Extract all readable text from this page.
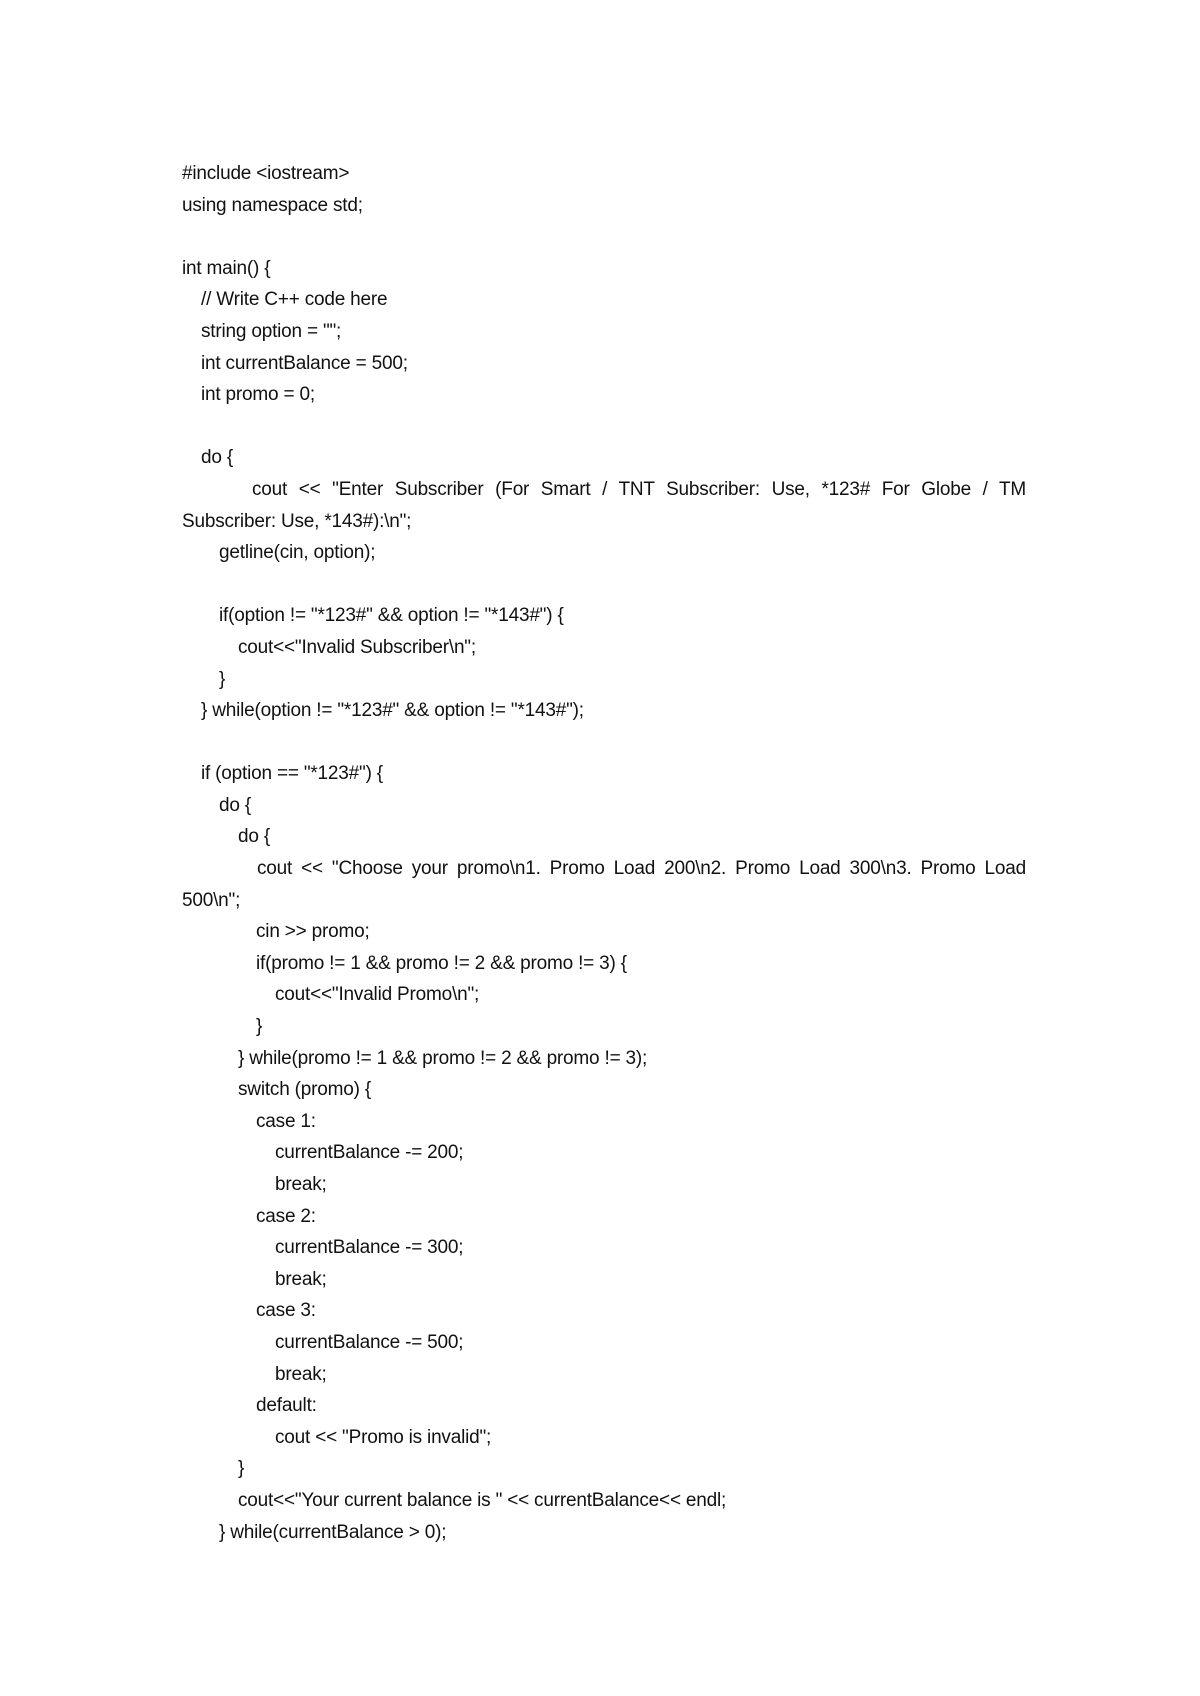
#include <iostream>
using namespace std;
int main() {
// Write C++ code here
string option = "";
int currentBalance = 500;
int promo = 0;
do {
cout << "Enter Subscriber (For Smart / TNT Subscriber: Use, *123# For Globe / TM
Subscriber: Use, *143#):\n";
getline(cin, option);
if(option != "*123#" && option != "*143#") {
cout<<"Invalid Subscriber\n";
}
} while(option != "*123#" && option != "*143#");
if (option == "*123#") {
do {
do {
cout << "Choose your promo\n1. Promo Load 200\n2. Promo Load 300\n3. Promo Load
500\n";
cin >> promo;
if(promo != 1 && promo != 2 && promo != 3) {
cout<<"Invalid Promo\n";
}
} while(promo != 1 && promo != 2 && promo != 3);
switch (promo) {
case 1:
currentBalance -= 200;
break;
case 2:
currentBalance -= 300;
break;
case 3:
currentBalance -= 500;
break;
default:
cout << "Promo is invalid";
}
cout<<"Your current balance is " << currentBalance<< endl;
} while(currentBalance > 0);
